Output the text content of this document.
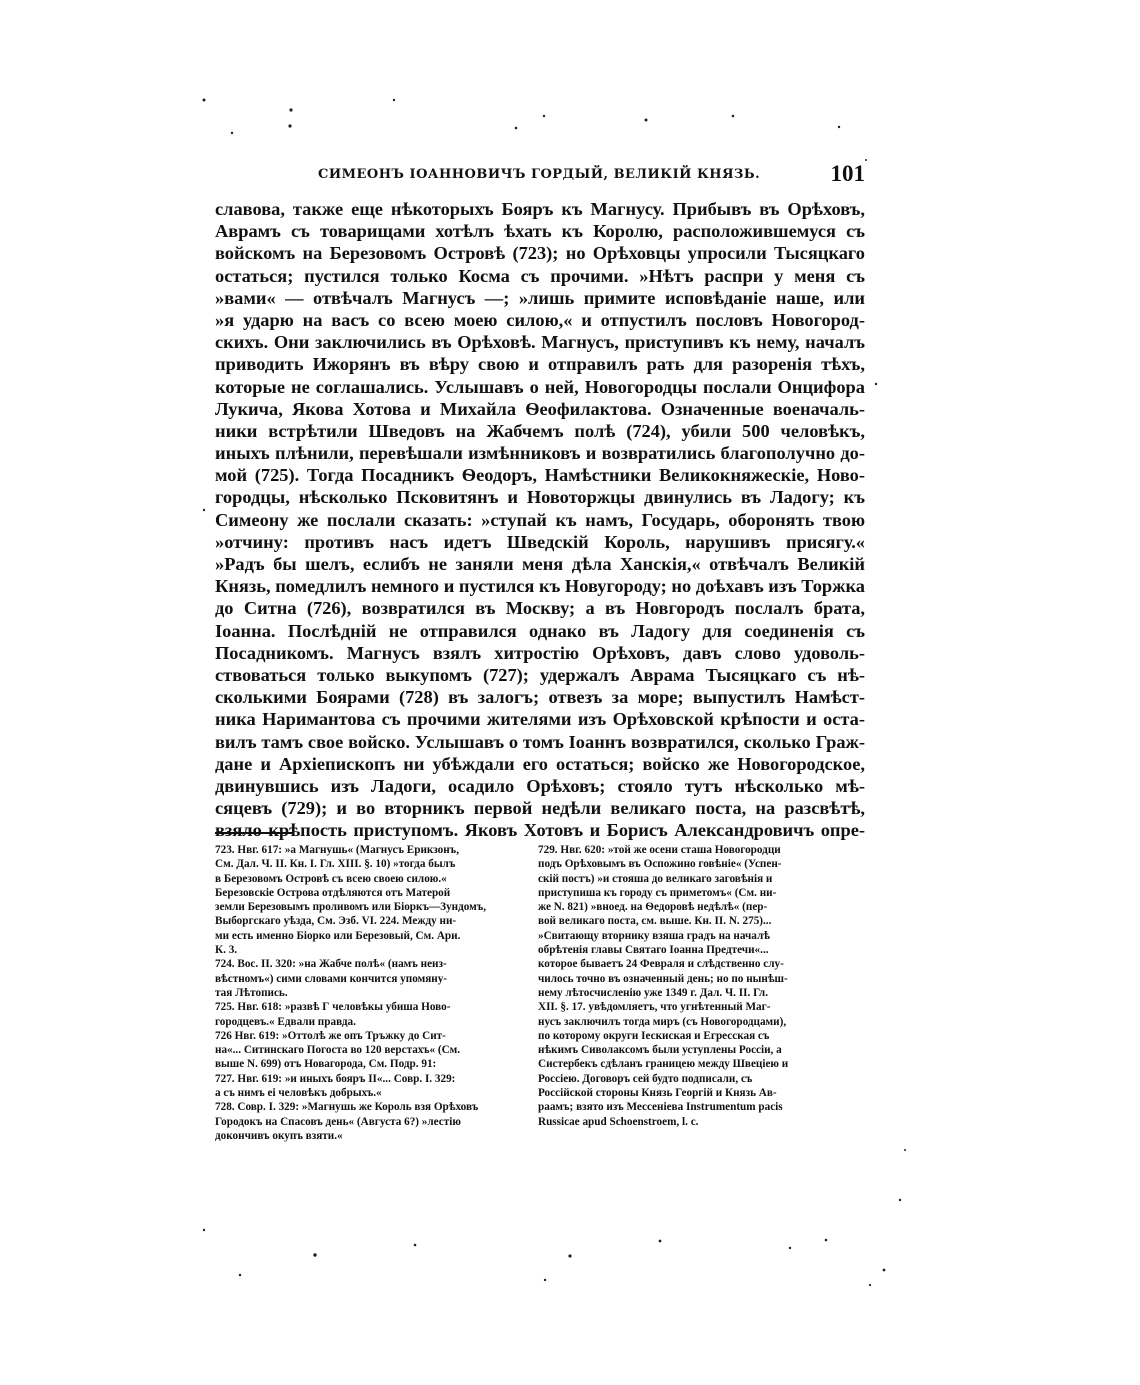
СИМЕОНЪ IОАННОВИЧЪ ГОРДЫЙ, ВЕЛИКIЙ КНЯЗЬ.	101
славова, также еще нѣкоторыхъ Бояръ къ Магнусу. Прибывъ въ Орѣховъ,
Аврамъ съ товарищами хотѣлъ ѣхать къ Королю, расположившемуся съ
войскомъ на Березовомъ Островѣ (723); но Орѣховцы упросили Тысяцкаго
остаться; пустился только Косма съ прочими. »Нѣтъ распри у меня съ
»вами« — отвѣчалъ Магнусъ —; »лишь примите исповѣданіе наше, или
»я ударю на васъ со всею моею силою,« и отпустилъ пословъ Новогород-
скихъ. Они заключились въ Орѣховѣ. Магнусъ, приступивъ къ нему, началъ
приводить Ижорянъ въ вѣру свою и отправилъ рать для разоренія тѣхъ,
которые не соглашались. Услышавъ о ней, Новогородцы послали Онцифора
Лукича, Якова Хотова и Михайла Ѳеофилактова. Означенные военачаль-
ники встрѣтили Шведовъ на Жабчемъ полѣ (724), убили 500 человѣкъ,
иныхъ плѣнили, перевѣшали измѣнниковъ и возвратились благополучно до-
мой (725). Тогда Посадникъ Ѳеодоръ, Намѣстники Великокняжескіе, Ново-
городцы, нѣсколько Псковитянъ и Новоторжцы двинулись въ Ладогу; къ
Симеону же послали сказать: »ступай къ намъ, Государь, оборонять твою
»отчину: противъ насъ идетъ Шведскій Король, нарушивъ присягу.«
»Радъ бы шелъ, еслибъ не заняли меня дѣла Ханскія,« отвѣчалъ Великій
Князь, помедлилъ немного и пустился къ Новугороду; но доѣхавъ изъ Торжка
до Ситна (726), возвратился въ Москву; а въ Новгородъ послалъ брата,
Іоанна. Послѣдній не отправился однако въ Ладогу для соединенія съ
Посадникомъ. Магнусъ взялъ хитростію Орѣховъ, давъ слово удоволь-
ствоваться только выкупомъ (727); удержалъ Аврама Тысяцкаго съ нѣ-
сколькими Боярами (728) въ залогъ; отвезъ за море; выпустилъ Намѣст-
ника Наримантова съ прочими жителями изъ Орѣховской крѣпости и оста-
вилъ тамъ свое войско. Услышавъ о томъ Іоаннъ возвратился, сколько Граж-
дане и Архіепископъ ни убѣждали его остаться; войско же Новогородское,
двинувшись изъ Ладоги, осадило Орѣховъ; стояло тутъ нѣсколько мѣ-
сяцевъ (729); и во вторникъ первой недѣли великаго поста, на разсвѣтѣ,
взяло крѣпость приступомъ. Яковъ Хотовъ и Борисъ Александровичъ опре-
723. Нвг. 617: »а Магнушь« (Магнусъ Ерикзонъ,
См. Дал. Ч. II. Кн. I. Гл. XIII. §. 10) »тогда былъ
в Березовомъ Островѣ съ всею своею силою.«
Березовскіе Острова отдѣляются отъ Матерой
земли Березовымъ проливомъ или Біоркъ—Зундомъ,
Выборгскаго уѣзда, См. Эзб. VI. 224. Между ни-
ми есть именно Біорко или Березовый, См. Ари.
К. 3.
724. Вос. II. 320: »на Жабче полѣ« (намъ неиз-
вѣстномъ«) сими словами кончится упомяну-
тая Лѣтопись.
725. Нвг. 618: »развѣ Г человѣкы убиша Ново-
городцевъ.« Едвали правда.
726 Нвг. 619: »Оттолѣ же опъ Тръжку до Сит-
на«... Ситинскаго Погоста во 120 верстахъ« (См.
выше N. 699) отъ Новагорода, См. Подр. 91:
727. Нвг. 619: »и иныхъ бояръ II«... Совр. I. 329:
а съ нимъ еі человѣкъ добрыхъ.«
728. Совр. I. 329: »Магнушь же Король взя Орѣховъ
Городокъ на Спасовъ день« (Августа 6?) »лестію
докончивъ окупъ взяти.«
729. Нвг. 620: »той же осени сташа Новогородци
подъ Орѣховымъ въ Оспожино говѣніе« (Успен-
скій постъ) »и стояша до великаго заговѣнія и
приступиша къ городу съ приметомъ« (См. ни-
же N. 821) »вноед. на Ѳедоровѣ недѣлѣ« (пер-
вой великаго поста, см. выше. Кн. II. N. 275)...
»Свитающу вторнику взяша градъ на началѣ
обрѣтенія главы Святаго Іоанна Предтечи«...
которое бываетъ 24 Февраля и слѣдственно слу-
чилось точно въ означенный день; но по нынѣш-
нему лѣтосчисленію уже 1349 г. Дал. Ч. II. Гл.
XII. §. 17. увѣдомляетъ, что угнѣтенный Маг-
нусъ заключилъ тогда миръ (съ Новогородцами),
по которому округи Іескиская и Егресская съ
нѣкимъ Сиволаксомъ были уступлены Россіи, а
Систербекъ сдѣланъ границею между Швеціею и
Россіею. Договоръ сей будто подписали, съ
Россійской стороны Князь Георгій и Князь Ав-
раамъ; взято изъ Мессеніева Instrumentum pacis
Russicae apud Schoenstroem, l. c.
